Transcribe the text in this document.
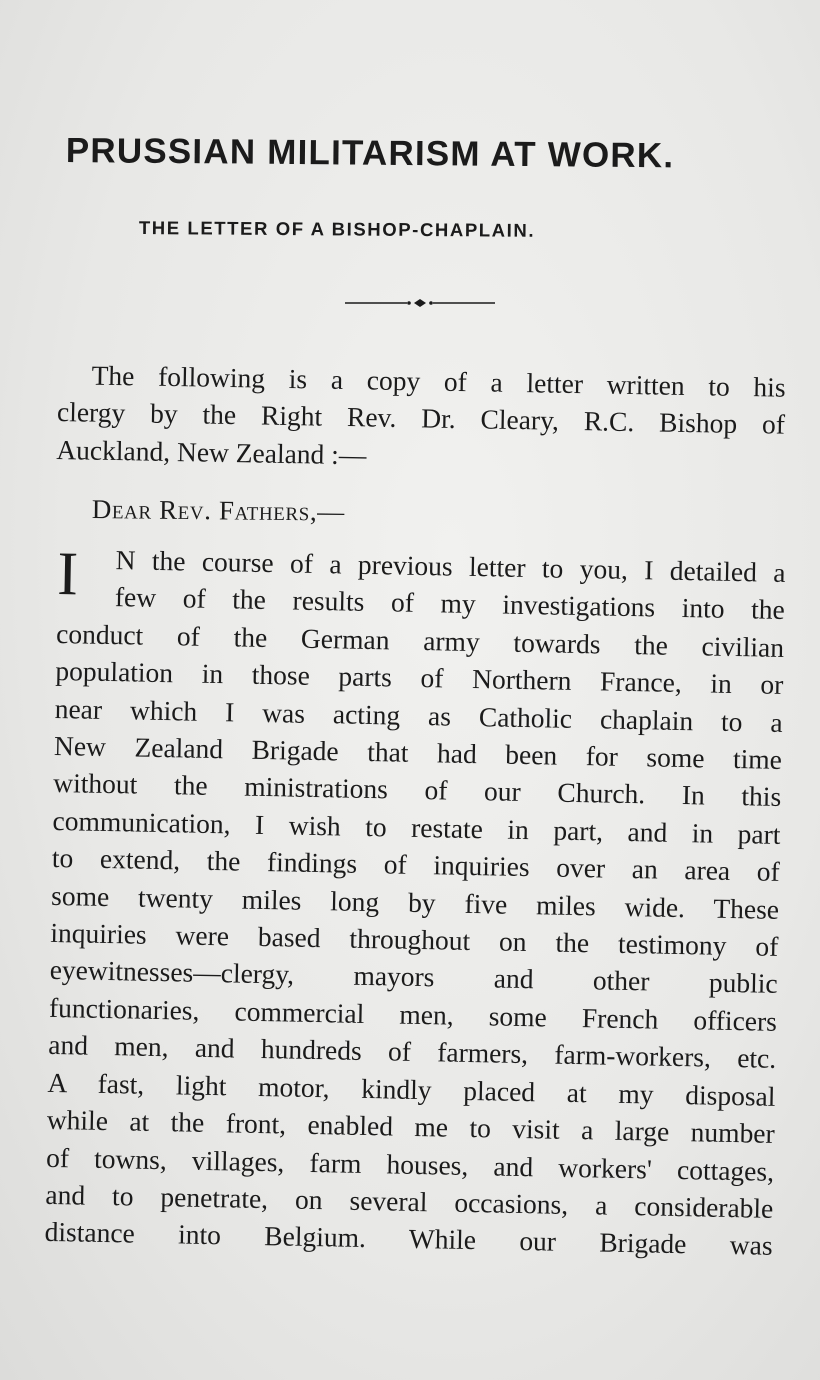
PRUSSIAN MILITARISM AT WORK.
THE LETTER OF A BISHOP-CHAPLAIN.
The following is a copy of a letter written to his
clergy by the Right Rev. Dr. Cleary, R.C. Bishop of
Auckland, New Zealand :—
Dear Rev. Fathers,—
I	N the course of a previous letter to you, I detailed a
few of the results of my investigations into the
conduct of the German army towards the civilian
population in those parts of Northern France, in or
near which I was acting as Catholic chaplain to a
New Zealand Brigade that had been for some time
without the ministrations of our Church. In this
communication, I wish to restate in part, and in part
to extend, the findings of inquiries over an area of
some twenty miles long by five miles wide. These
inquiries were based throughout on the testimony of
eyewitnesses—clergy, mayors and other public
functionaries, commercial men, some French officers
and men, and hundreds of farmers, farm-workers, etc.
A fast, light motor, kindly placed at my disposal
while at the front, enabled me to visit a large number
of towns, villages, farm houses, and workers' cottages,
and to penetrate, on several occasions, a considerable
distance into Belgium. While our Brigade was
